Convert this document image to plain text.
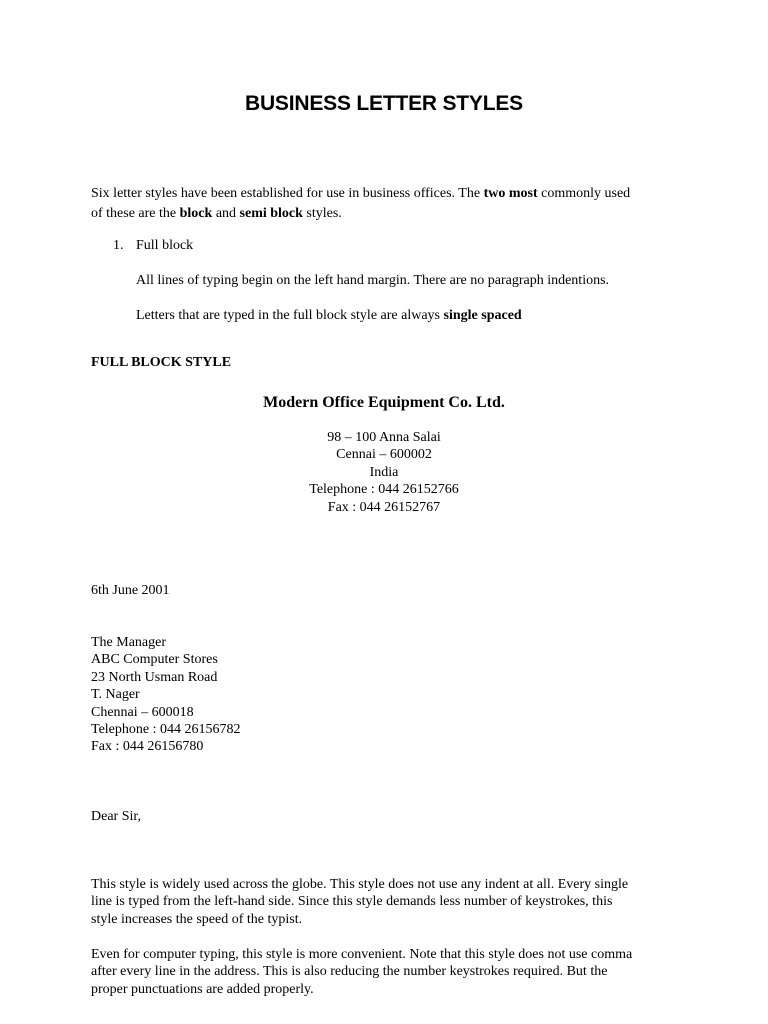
BUSINESS LETTER STYLES
Six letter styles have been established for use in business offices. The two most commonly used
of these are the block and semi block styles.
1. Full block
All lines of typing begin on the left hand margin. There are no paragraph indentions.
Letters that are typed in the full block style are always single spaced
FULL BLOCK STYLE
Modern Office Equipment Co. Ltd.
98 – 100 Anna Salai
Cennai – 600002
India
Telephone : 044 26152766
Fax : 044 26152767
6th June 2001
The Manager
ABC Computer Stores
23 North Usman Road
T. Nager
Chennai – 600018
Telephone : 044 26156782
Fax : 044 26156780
Dear Sir,
This style is widely used across the globe. This style does not use any indent at all. Every single
line is typed from the left-hand side. Since this style demands less number of keystrokes, this
style increases the speed of the typist.
Even for computer typing, this style is more convenient. Note that this style does not use comma
after every line in the address. This is also reducing the number keystrokes required. But the
proper punctuations are added properly.
